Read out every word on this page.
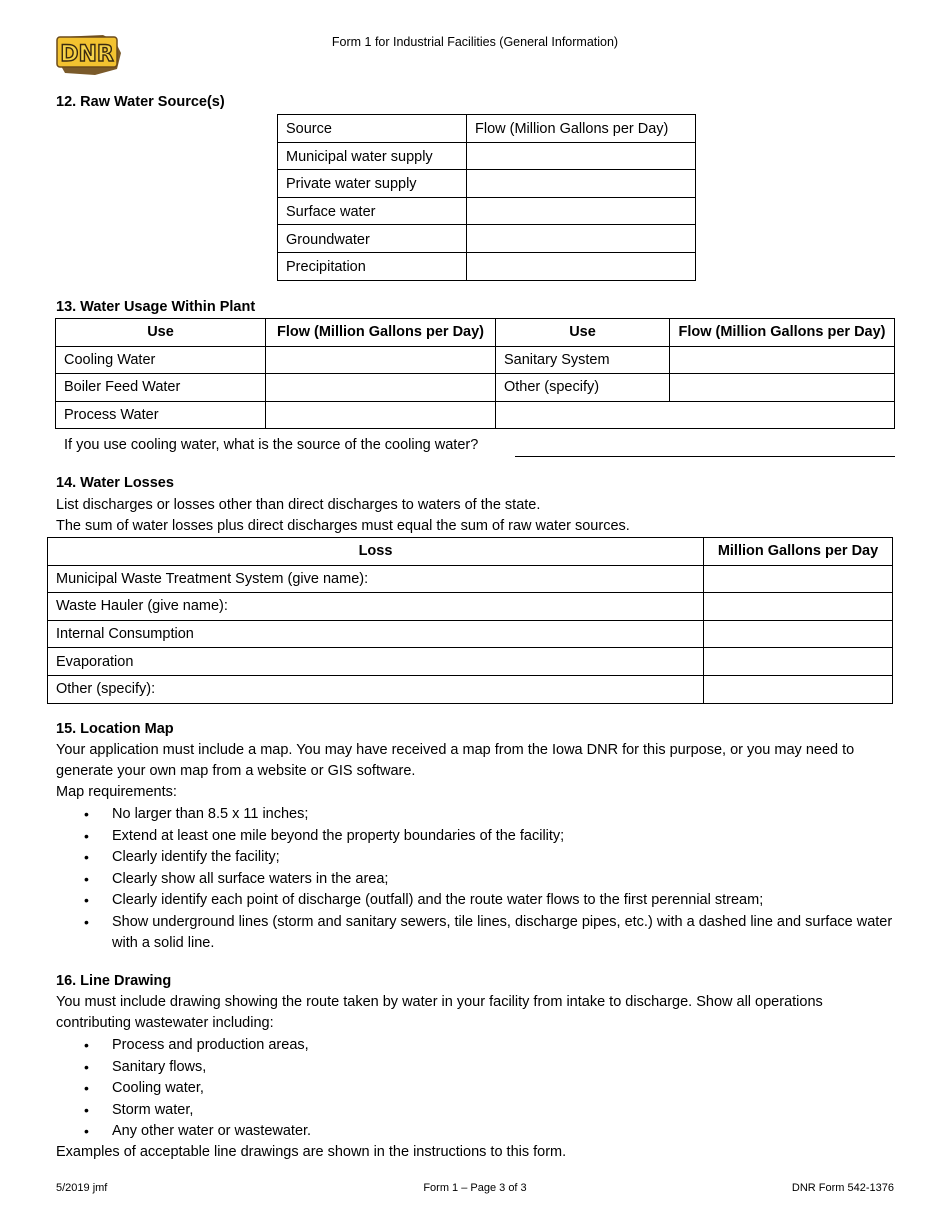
DNR	Form 1 for Industrial Facilities (General Information)
12. Raw Water Source(s)
Source	Flow (Million Gallons per Day)
Municipal water supply	
Private water supply	
Surface water	
Groundwater	
Precipitation	
13. Water Usage Within Plant
Use	Flow (Million Gallons per Day)	Use	Flow (Million Gallons per Day)
Cooling Water		Sanitary System	
Boiler Feed Water		Other (specify)	
Process Water			
If you use cooling water, what is the source of the cooling water?
14. Water Losses
List discharges or losses other than direct discharges to waters of the state.
The sum of water losses plus direct discharges must equal the sum of raw water sources.
Loss	Million Gallons per Day
Municipal Waste Treatment System (give name):	
Waste Hauler (give name):	
Internal Consumption	
Evaporation	
Other (specify):	
15. Location Map
Your application must include a map. You may have received a map from the Iowa DNR for this purpose, or you may need to generate your own map from a website or GIS software.
Map requirements:
• No larger than 8.5 x 11 inches;
• Extend at least one mile beyond the property boundaries of the facility;
• Clearly identify the facility;
• Clearly show all surface waters in the area;
• Clearly identify each point of discharge (outfall) and the route water flows to the first perennial stream;
• Show underground lines (storm and sanitary sewers, tile lines, discharge pipes, etc.) with a dashed line and surface water with a solid line.
16. Line Drawing
You must include drawing showing the route taken by water in your facility from intake to discharge. Show all operations contributing wastewater including:
• Process and production areas,
• Sanitary flows,
• Cooling water,
• Storm water,
• Any other water or wastewater.
Examples of acceptable line drawings are shown in the instructions to this form.
5/2019 jmf	Form 1 – Page 3 of 3	DNR Form 542-1376
